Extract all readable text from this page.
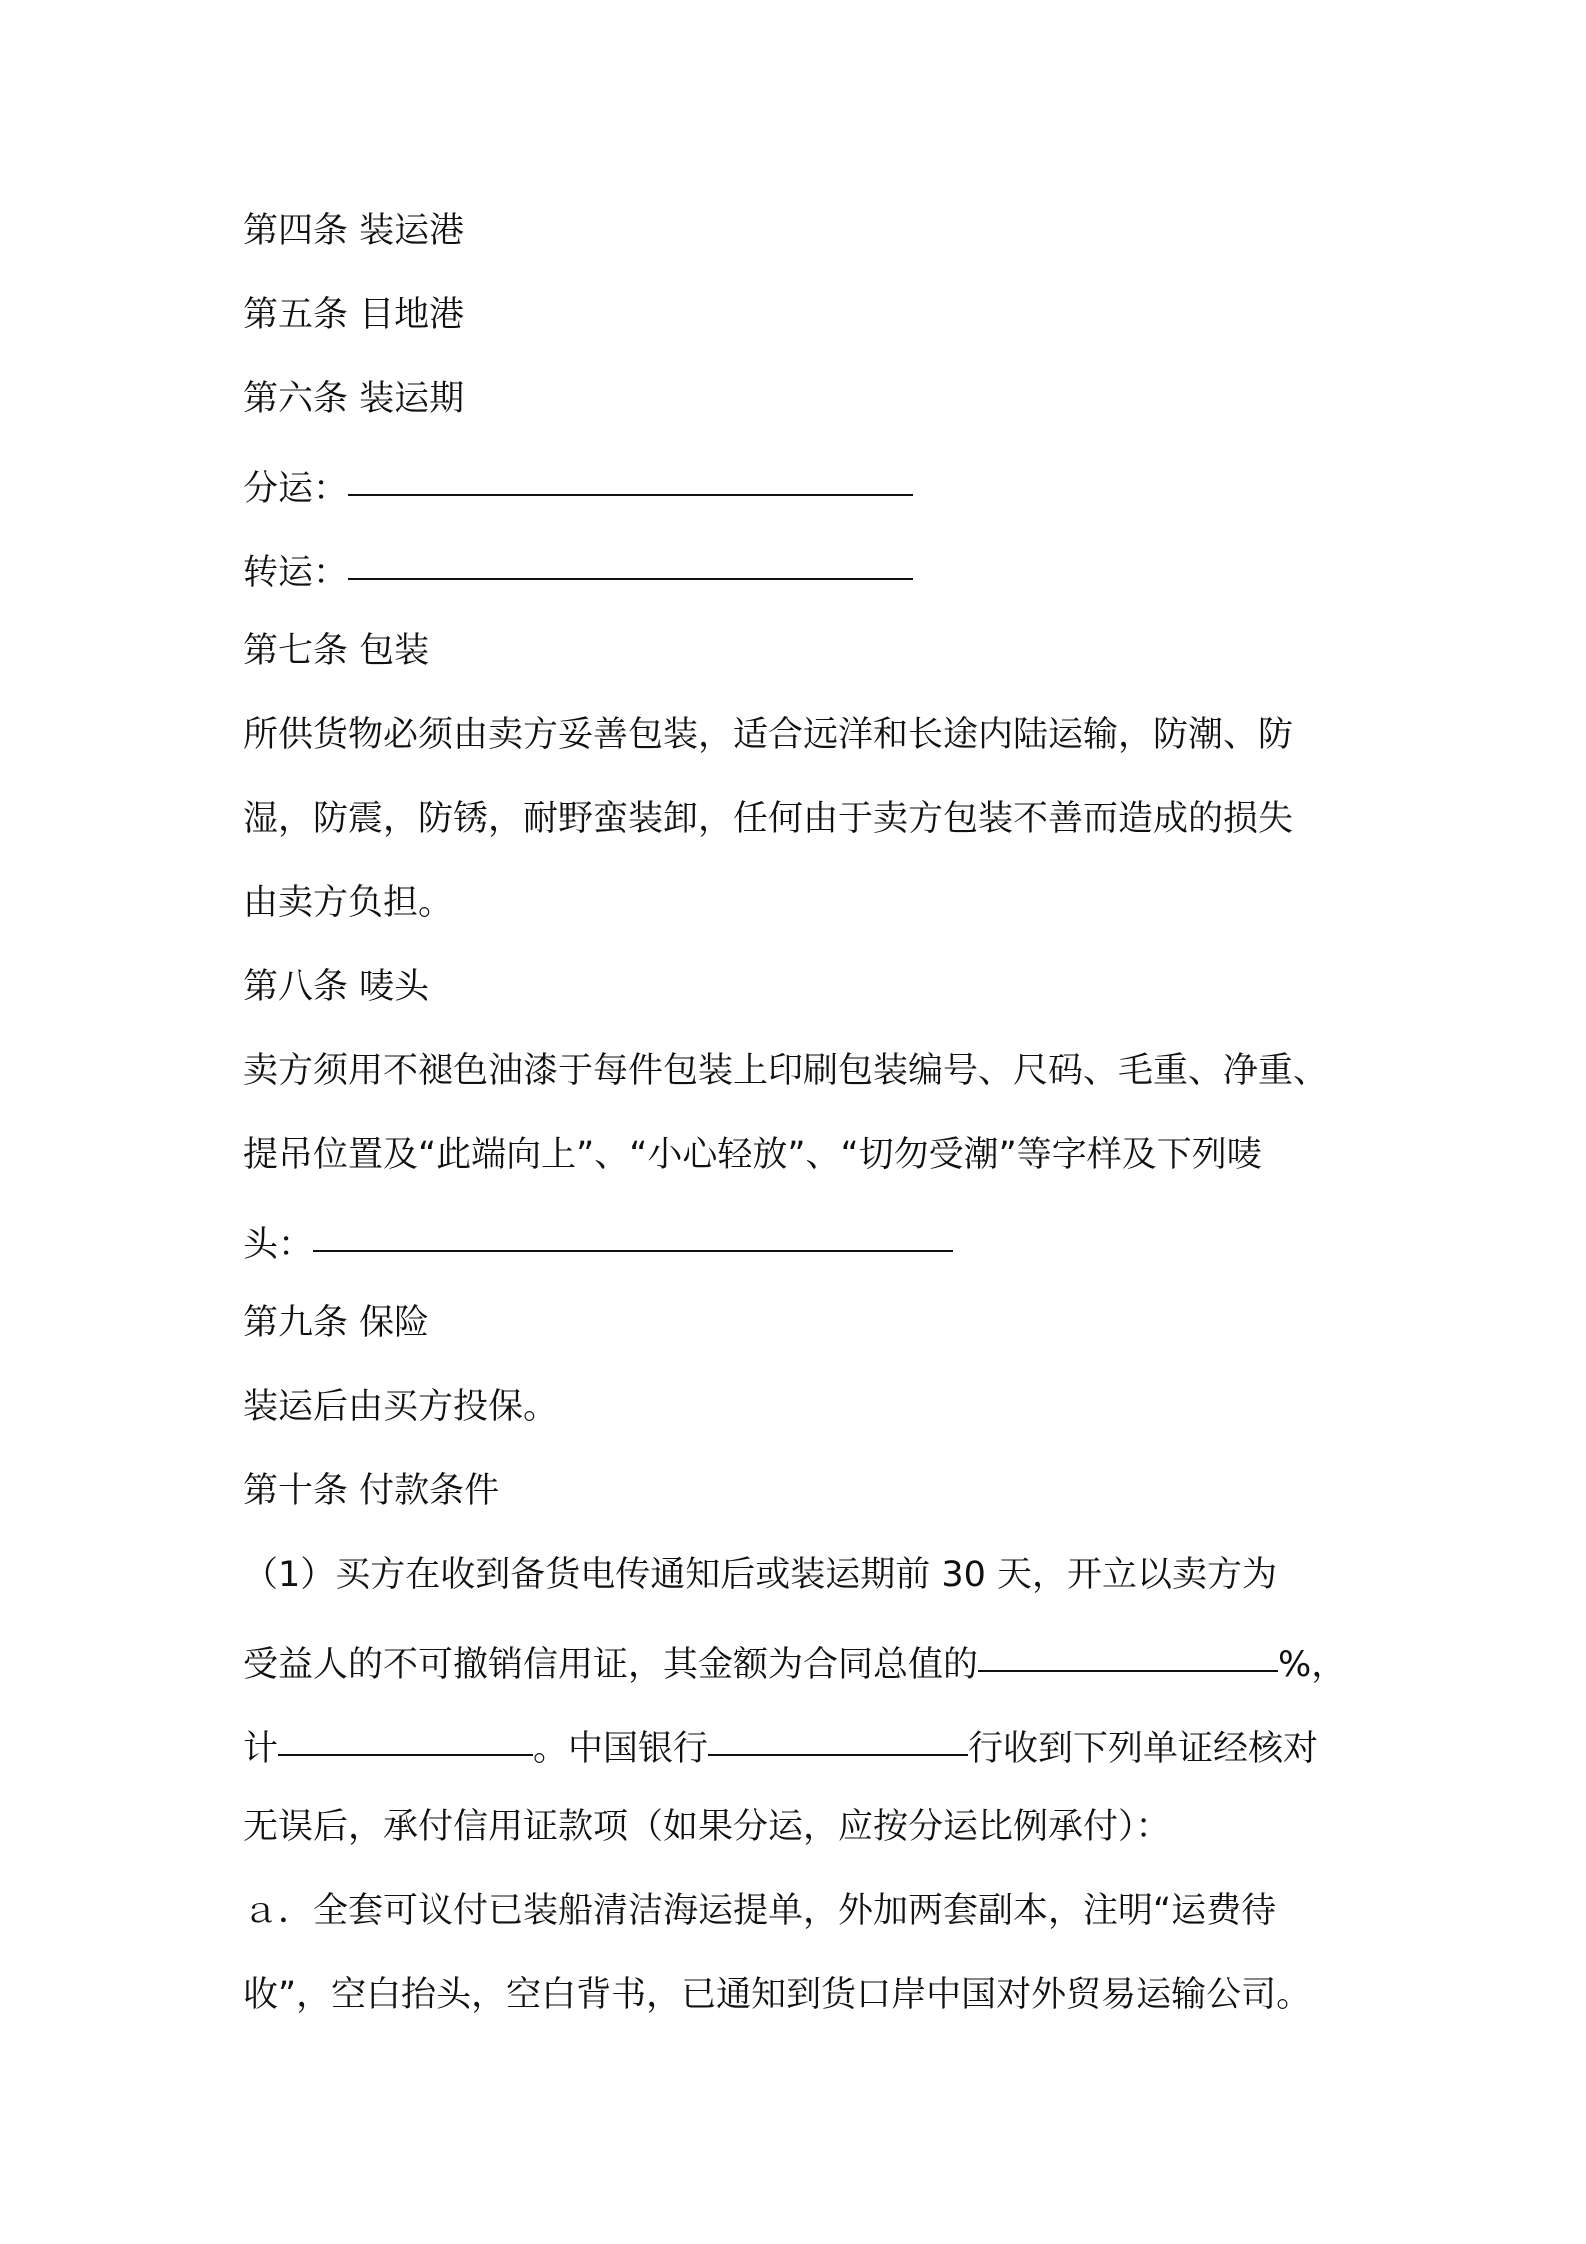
第四条 装运港
第五条 目地港
第六条 装运期
分运：
转运：
第七条 包装
所供货物必须由卖方妥善包装，适合远洋和长途内陆运输，防潮、防
湿，防震，防锈，耐野蛮装卸，任何由于卖方包装不善而造成的损失
由卖方负担。
第八条 唛头
卖方须用不褪色油漆于每件包装上印刷包装编号、尺码、毛重、净重、
提吊位置及“此端向上”、“小心轻放”、“切勿受潮”等字样及下列唛
头：
第九条 保险
装运后由买方投保。
第十条 付款条件
（1）买方在收到备货电传通知后或装运期前 30 天，开立以卖方为
受益人的不可撤销信用证，其金额为合同总值的	%，
计	。中国银行	行收到下列单证经核对
无误后，承付信用证款项（如果分运，应按分运比例承付）：
ａ．全套可议付已装船清洁海运提单，外加两套副本，注明“运费待
收”，空白抬头，空白背书，已通知到货口岸中国对外贸易运输公司。
